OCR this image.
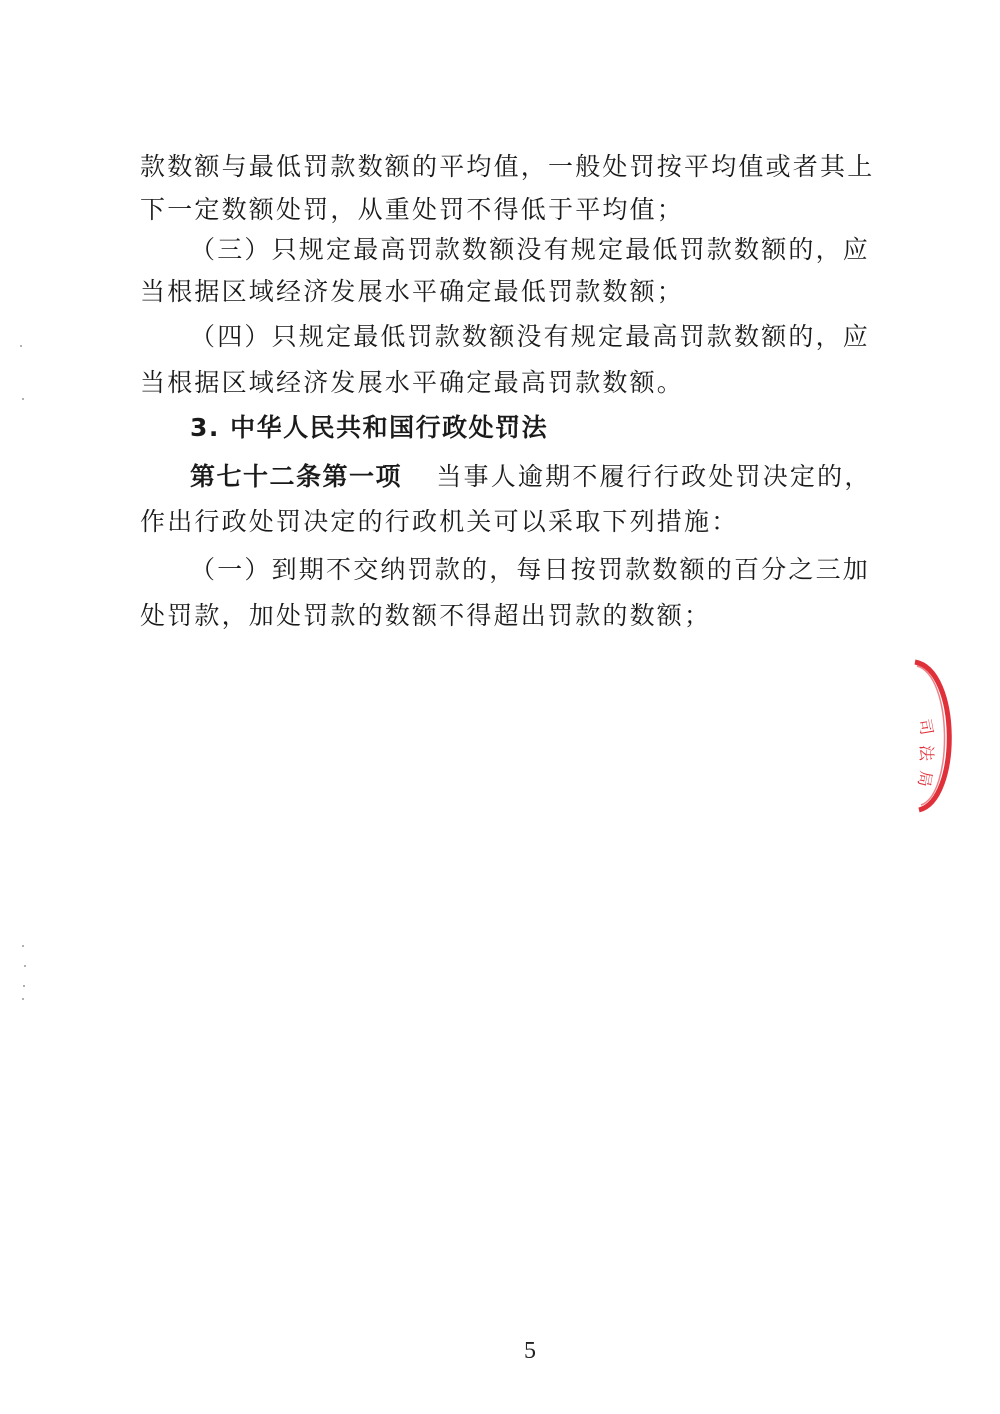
款数额与最低罚款数额的平均值，一般处罚按平均值或者其上
下一定数额处罚，从重处罚不得低于平均值；
（三）只规定最高罚款数额没有规定最低罚款数额的，应
当根据区域经济发展水平确定最低罚款数额；
（四）只规定最低罚款数额没有规定最高罚款数额的，应
当根据区域经济发展水平确定最高罚款数额。
3. 中华人民共和国行政处罚法
第七十二条第一项 当事人逾期不履行行政处罚决定的，
作出行政处罚决定的行政机关可以采取下列措施：
（一）到期不交纳罚款的，每日按罚款数额的百分之三加
处罚款，加处罚款的数额不得超出罚款的数额；
司
法
局
5
